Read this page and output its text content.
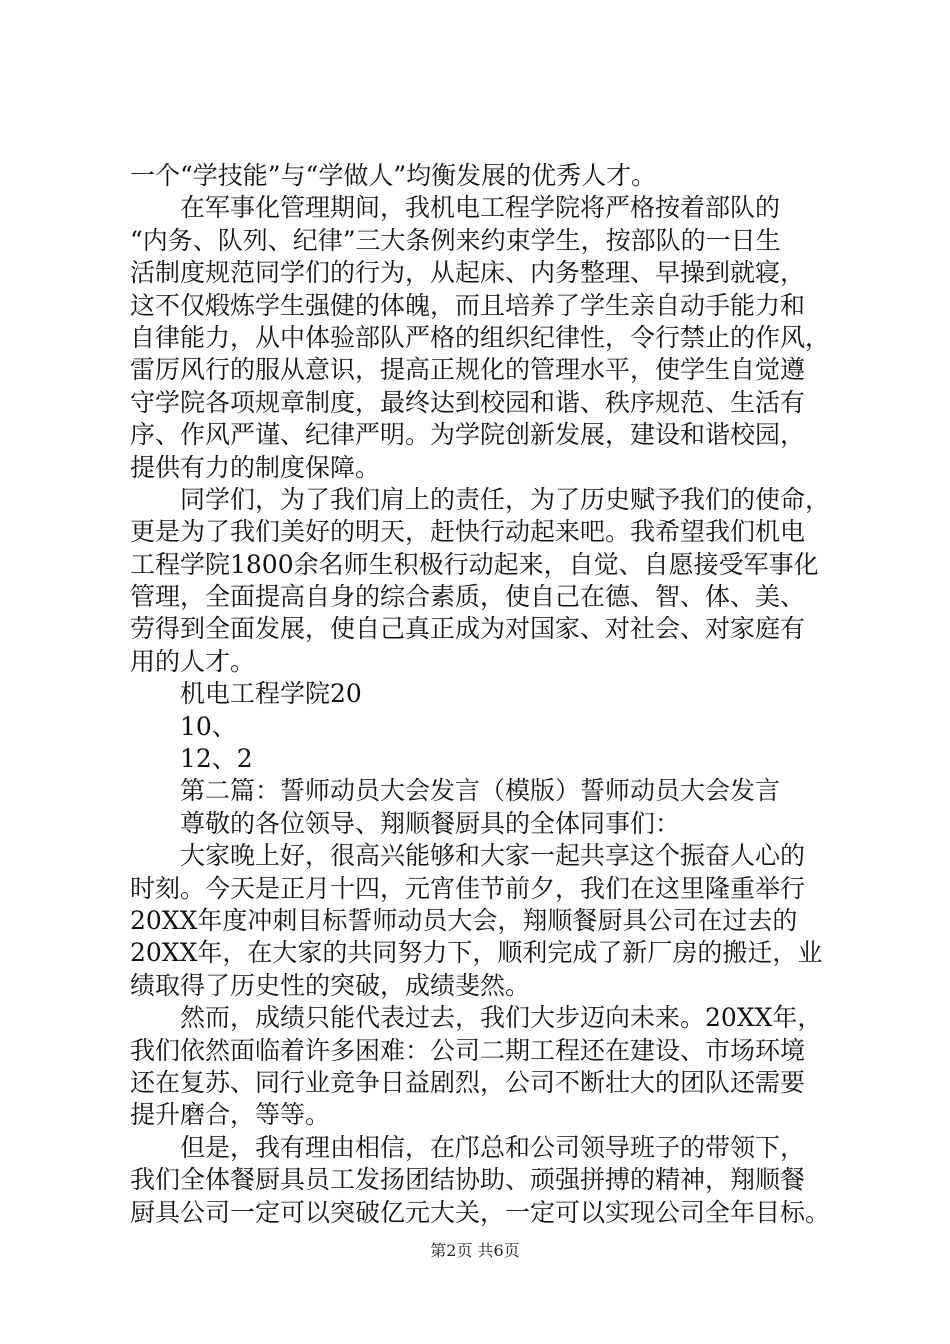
一个“学技能”与“学做人”均衡发展的优秀人才。
　　在军事化管理期间，我机电工程学院将严格按着部队的
“内务、队列、纪律”三大条例来约束学生，按部队的一日生
活制度规范同学们的行为，从起床、内务整理、早操到就寝，
这不仅煅炼学生强健的体魄，而且培养了学生亲自动手能力和
自律能力，从中体验部队严格的组织纪律性，令行禁止的作风，
雷厉风行的服从意识，提高正规化的管理水平，使学生自觉遵
守学院各项规章制度，最终达到校园和谐、秩序规范、生活有
序、作风严谨、纪律严明。为学院创新发展，建设和谐校园，
提供有力的制度保障。
　　同学们，为了我们肩上的责任，为了历史赋予我们的使命，
更是为了我们美好的明天，赶快行动起来吧。我希望我们机电
工程学院1800余名师生积极行动起来，自觉、自愿接受军事化
管理，全面提高自身的综合素质，使自己在德、智、体、美、
劳得到全面发展，使自己真正成为对国家、对社会、对家庭有
用的人才。
　　机电工程学院20
　　10、
　　12、2
　　第二篇：誓师动员大会发言（模版）誓师动员大会发言
　　尊敬的各位领导、翔顺餐厨具的全体同事们：
　　大家晚上好，很高兴能够和大家一起共享这个振奋人心的
时刻。今天是正月十四，元宵佳节前夕，我们在这里隆重举行
20XX年度冲刺目标誓师动员大会，翔顺餐厨具公司在过去的
20XX年，在大家的共同努力下，顺利完成了新厂房的搬迁，业
绩取得了历史性的突破，成绩斐然。
　　然而，成绩只能代表过去，我们大步迈向未来。20XX年，
我们依然面临着许多困难：公司二期工程还在建设、市场环境
还在复苏、同行业竞争日益剧烈，公司不断壮大的团队还需要
提升磨合，等等。
　　但是，我有理由相信，在邝总和公司领导班子的带领下，
我们全体餐厨具员工发扬团结协助、顽强拼搏的精神，翔顺餐
厨具公司一定可以突破亿元大关，一定可以实现公司全年目标。
第2页 共6页
